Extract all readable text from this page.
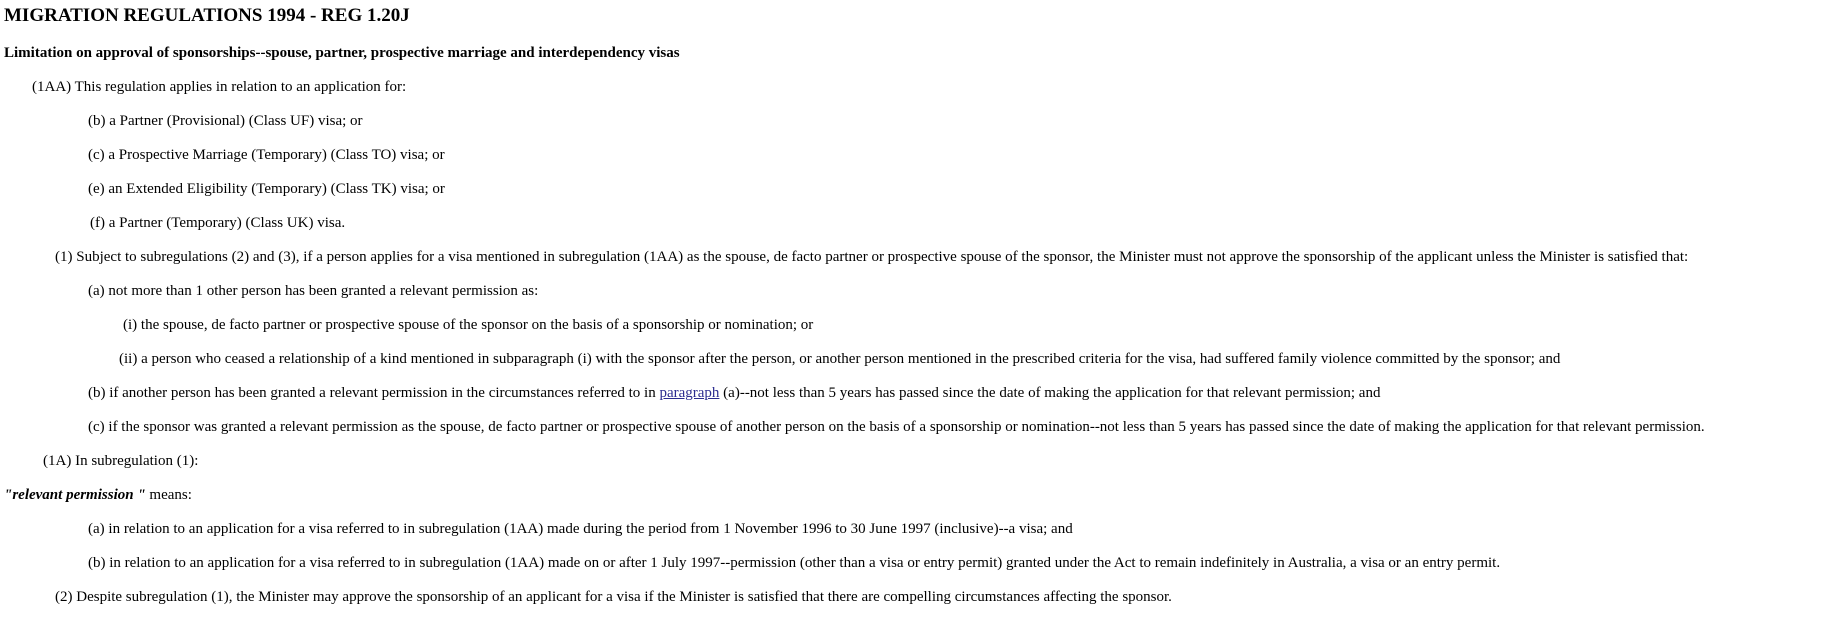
MIGRATION REGULATIONS 1994 - REG 1.20J
Limitation on approval of sponsorships--spouse, partner, prospective marriage and interdependency visas
(1AA) This regulation applies in relation to an application for:
(b) a Partner (Provisional) (Class UF) visa; or
(c) a Prospective Marriage (Temporary) (Class TO) visa; or
(e) an Extended Eligibility (Temporary) (Class TK) visa; or
(f) a Partner (Temporary) (Class UK) visa.
(1) Subject to subregulations (2) and (3), if a person applies for a visa mentioned in subregulation (1AA) as the spouse, de facto partner or prospective spouse of the sponsor, the Minister must not approve the sponsorship of the applicant unless the Minister is satisfied that:
(a) not more than 1 other person has been granted a relevant permission as:
(i) the spouse, de facto partner or prospective spouse of the sponsor on the basis of a sponsorship or nomination; or
(ii) a person who ceased a relationship of a kind mentioned in subparagraph (i) with the sponsor after the person, or another person mentioned in the prescribed criteria for the visa, had suffered family violence committed by the sponsor; and
(b) if another person has been granted a relevant permission in the circumstances referred to in paragraph (a)--not less than 5 years has passed since the date of making the application for that relevant permission; and
(c) if the sponsor was granted a relevant permission as the spouse, de facto partner or prospective spouse of another person on the basis of a sponsorship or nomination--not less than 5 years has passed since the date of making the application for that relevant permission.
(1A) In subregulation (1):
"relevant permission " means:
(a) in relation to an application for a visa referred to in subregulation (1AA) made during the period from 1 November 1996 to 30 June 1997 (inclusive)--a visa; and
(b) in relation to an application for a visa referred to in subregulation (1AA) made on or after 1 July 1997--permission (other than a visa or entry permit) granted under the Act to remain indefinitely in Australia, a visa or an entry permit.
(2) Despite subregulation (1), the Minister may approve the sponsorship of an applicant for a visa if the Minister is satisfied that there are compelling circumstances affecting the sponsor.
